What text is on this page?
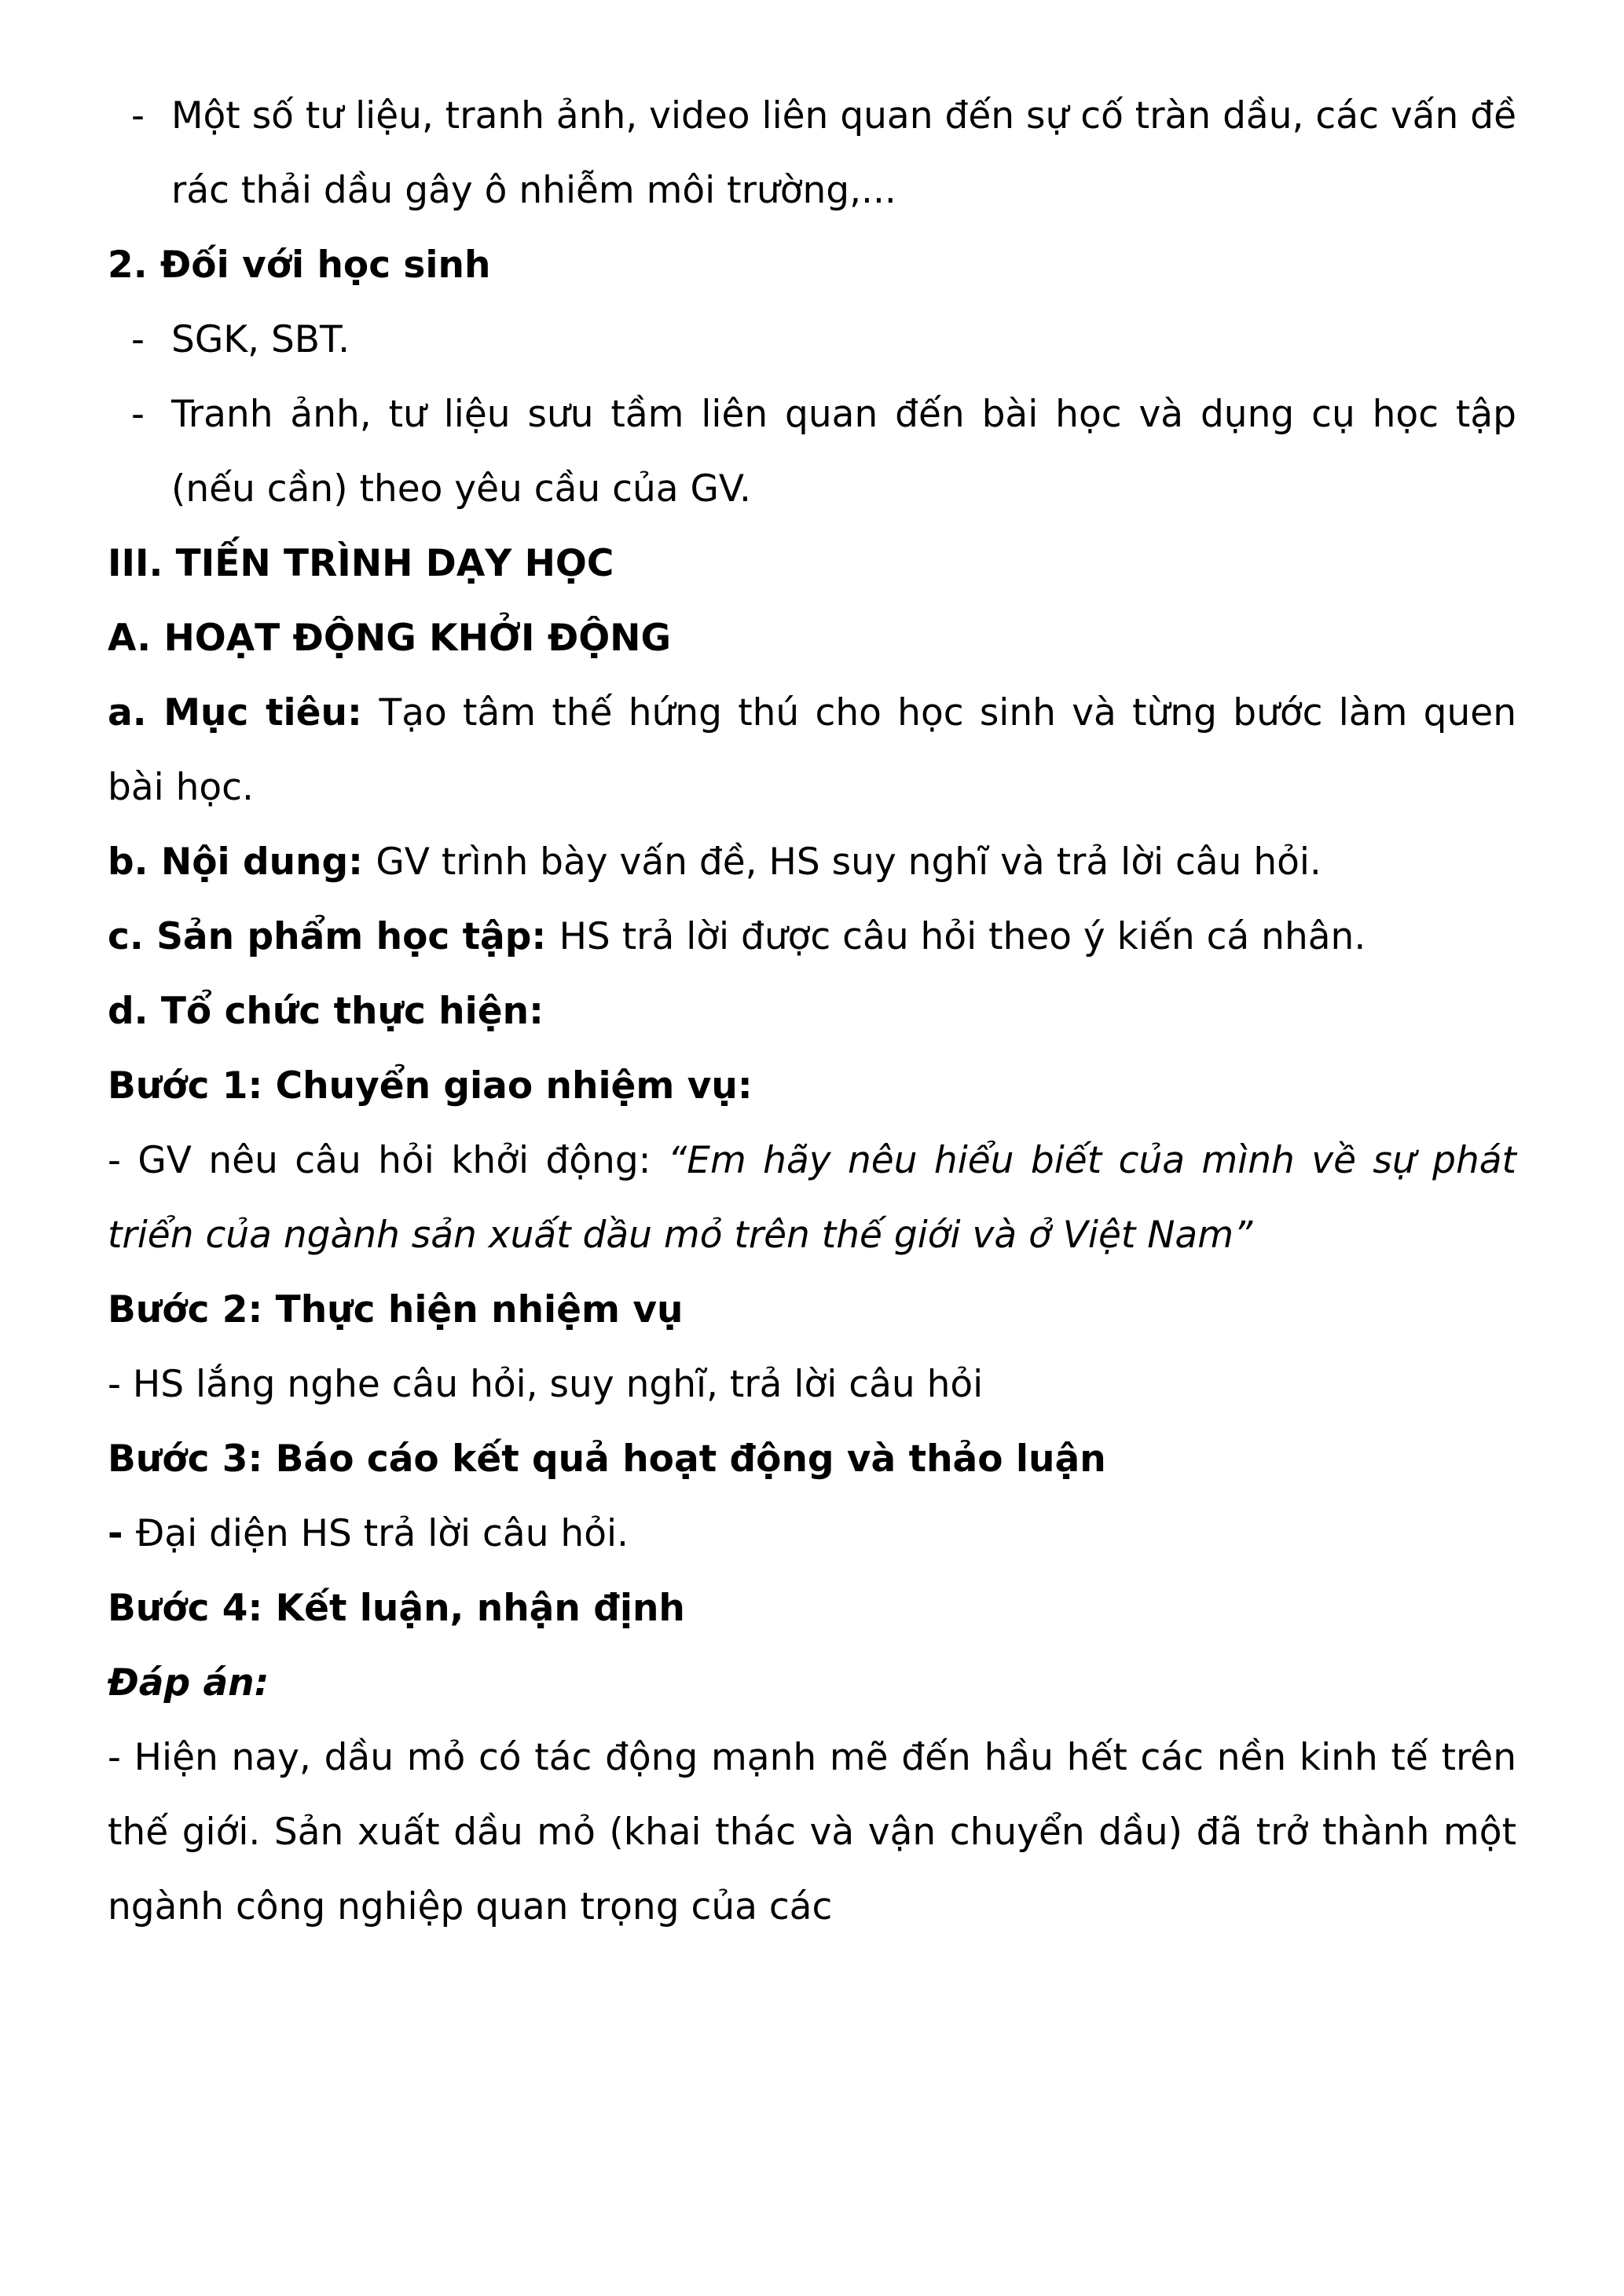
- Một số tư liệu, tranh ảnh, video liên quan đến sự cố tràn dầu, các vấn đề rác thải dầu gây ô nhiễm môi trường,...
2. Đối với học sinh
- SGK, SBT.
- Tranh ảnh, tư liệu sưu tầm liên quan đến bài học và dụng cụ học tập (nếu cần) theo yêu cầu của GV.
III. TIẾN TRÌNH DẠY HỌC
A. HOẠT ĐỘNG KHỞI ĐỘNG
a. Mục tiêu: Tạo tâm thế hứng thú cho học sinh và từng bước làm quen bài học.
b. Nội dung: GV trình bày vấn đề, HS suy nghĩ và trả lời câu hỏi.
c. Sản phẩm học tập: HS trả lời được câu hỏi theo ý kiến cá nhân.
d. Tổ chức thực hiện:
Bước 1: Chuyển giao nhiệm vụ:
- GV nêu câu hỏi khởi động: “Em hãy nêu hiểu biết của mình về sự phát triển của ngành sản xuất dầu mỏ trên thế giới và ở Việt Nam”
Bước 2: Thực hiện nhiệm vụ
- HS lắng nghe câu hỏi, suy nghĩ, trả lời câu hỏi
Bước 3: Báo cáo kết quả hoạt động và thảo luận
- Đại diện HS trả lời câu hỏi.
Bước 4: Kết luận, nhận định
Đáp án:
- Hiện nay, dầu mỏ có tác động mạnh mẽ đến hầu hết các nền kinh tế trên thế giới. Sản xuất dầu mỏ (khai thác và vận chuyển dầu) đã trở thành một ngành công nghiệp quan trọng của các
